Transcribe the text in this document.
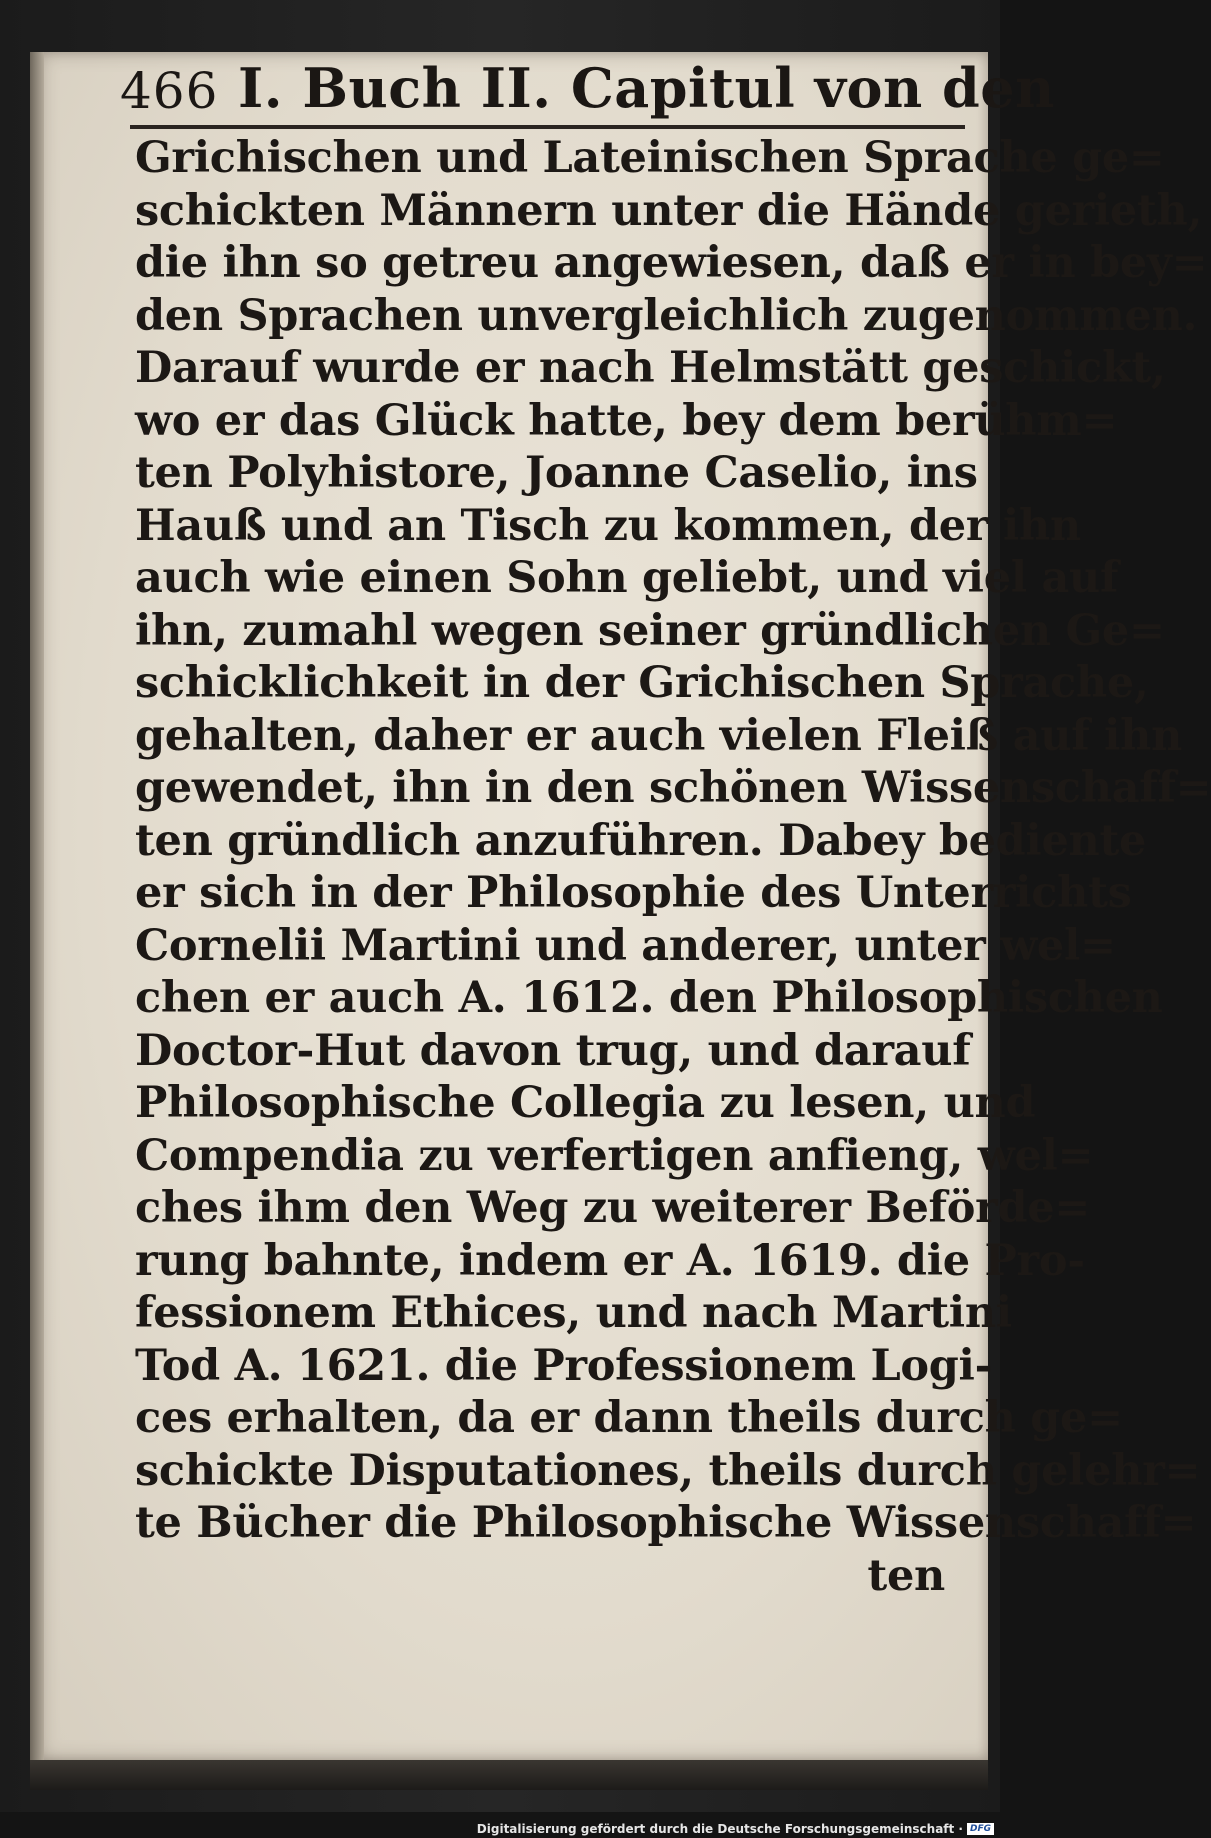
466 I. Buch II. Capitul von den
Grichischen und Lateinischen Sprache ge=
schickten Männern unter die Hände gerieth,
die ihn so getreu angewiesen, daß er in bey=
den Sprachen unvergleichlich zugenommen.
Darauf wurde er nach Helmstätt geschickt,
wo er das Glück hatte, bey dem berühm=
ten Polyhistore, Joanne Caselio, ins
Hauß und an Tisch zu kommen, der ihn
auch wie einen Sohn geliebt, und viel auf
ihn, zumahl wegen seiner gründlichen Ge=
schicklichkeit in der Grichischen Sprache,
gehalten, daher er auch vielen Fleiß auf ihn
gewendet, ihn in den schönen Wissenschaff=
ten gründlich anzuführen. Dabey bediente
er sich in der Philosophie des Unterrichts
Cornelii Martini und anderer, unter wel=
chen er auch A. 1612. den Philosophischen
Doctor-Hut davon trug, und darauf
Philosophische Collegia zu lesen, und
Compendia zu verfertigen anfieng, wel=
ches ihm den Weg zu weiterer Beförde=
rung bahnte, indem er A. 1619. die Pro-
fessionem Ethices, und nach Martini
Tod A. 1621. die Professionem Logi-
ces erhalten, da er dann theils durch ge=
schickte Disputationes, theils durch gelehr=
te Bücher die Philosophische Wissenschaff=
ten
Digitalisierung gefördert durch die Deutsche Forschungsgemeinschaft · DFG
